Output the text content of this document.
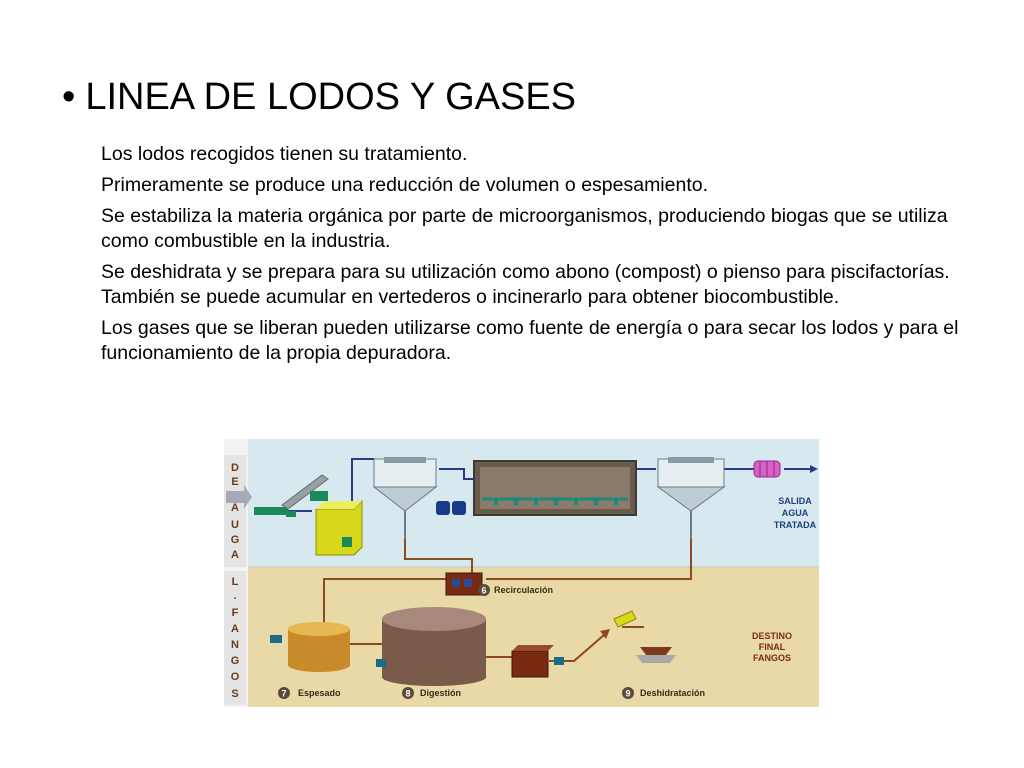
• LINEA DE LODOS Y GASES

Los lodos recogidos tienen su tratamiento.

Primeramente se produce una reducción de volumen o espesamiento.

Se estabiliza la materia orgánica por parte de microorganismos, produciendo biogas que se utiliza como combustible en la industria.

Se deshidrata y se prepara para su utilización como abono (compost) o pienso para piscifactorías. También se puede acumular en vertederos o incinerarlo para obtener biocombustible.

Los gases que se liberan pueden utilizarse como fuente de energía o para secar los lodos y para el funcionamiento de la propia depuradora.

D
E
A
U
G
A
L
.
F
A
N
G
O
S
SALIDA
AGUA
TRATADA
DESTINO
FINAL
FANGOS
6 Recirculación
7 Espesado	8 Digestión	9 Deshidratación
